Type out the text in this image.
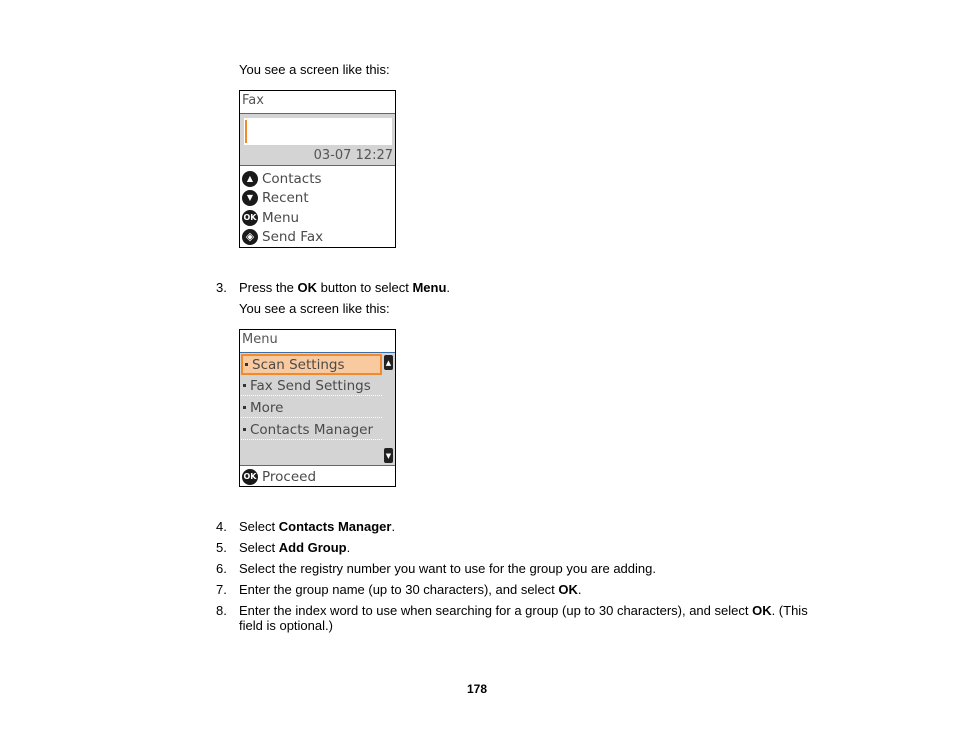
You see a screen like this:
Fax
03-07 12:27
▲ Contacts
▼ Recent
OK Menu
◈ Send Fax
3. Press the OK button to select Menu.
You see a screen like this:
Menu
Scan Settings
Fax Send Settings
More
Contacts Manager
▲
▼
OK Proceed
4. Select Contacts Manager.
5. Select Add Group.
6. Select the registry number you want to use for the group you are adding.
7. Enter the group name (up to 30 characters), and select OK.
8. Enter the index word to use when searching for a group (up to 30 characters), and select OK. (This
field is optional.)
178
